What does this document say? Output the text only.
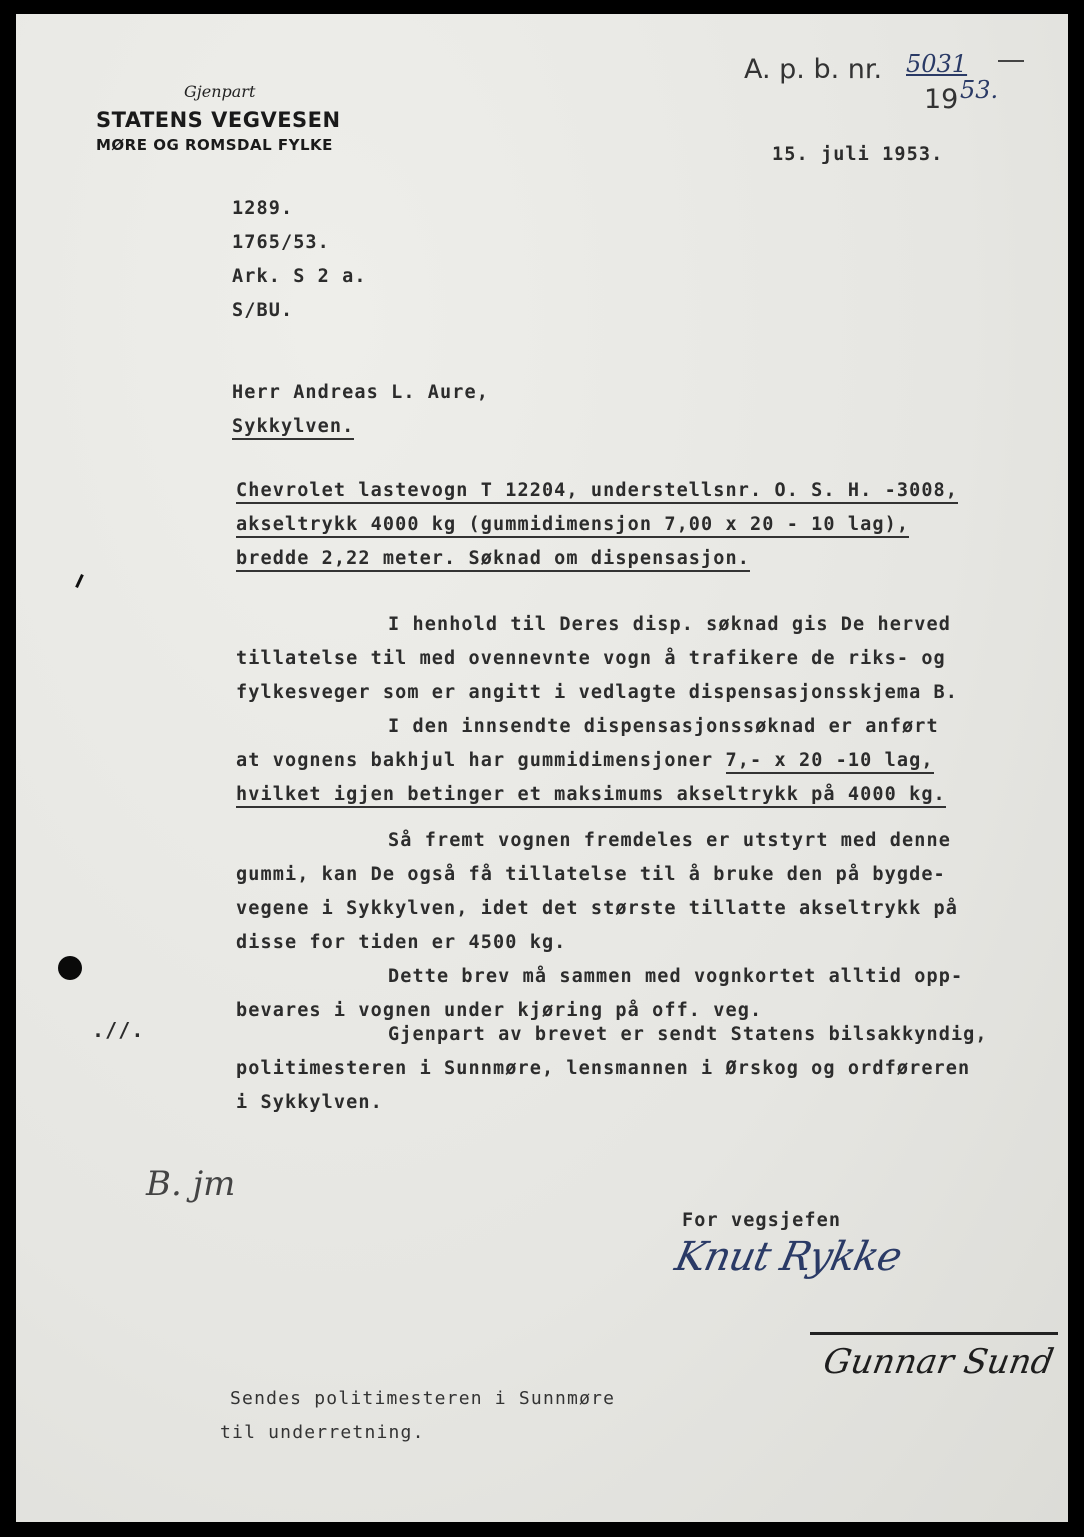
A. p. b. nr. 5031
19 53.
Gjenpart
STATENS VEGVESEN
MØRE OG ROMSDAL FYLKE	15. juli 1953.
1289.
1765/53.
Ark. S 2 a.
S/BU.
Herr Andreas L. Aure,
Sykkylven.
Chevrolet lastevogn T 12204, understellsnr. O. S. H. -3008,
akseltrykk 4000 kg (gummidimensjon 7,00 x 20 - 10 lag),
bredde 2,22 meter. Søknad om dispensasjon.
I henhold til Deres disp. søknad gis De herved
tillatelse til med ovennevnte vogn å trafikere de riks- og
fylkesveger som er angitt i vedlagte dispensasjonsskjema B.
I den innsendte dispensasjonssøknad er anført
at vognens bakhjul har gummidimensjoner 7,- x 20 -10 lag,
hvilket igjen betinger et maksimums akseltrykk på 4000 kg.
Så fremt vognen fremdeles er utstyrt med denne
gummi, kan De også få tillatelse til å bruke den på bygde-
vegene i Sykkylven, idet det største tillatte akseltrykk på
disse for tiden er 4500 kg.
Dette brev må sammen med vognkortet alltid opp-
bevares i vognen under kjøring på off. veg.
Gjenpart av brevet er sendt Statens bilsakkyndig,
politimesteren i Sunnmøre, lensmannen i Ørskog og ordføreren
i Sykkylven.
.//.
B. jm
For vegsjefen
Knut Rykke
Gunnar Sund
Sendes politimesteren i Sunnmøre
til underretning.
